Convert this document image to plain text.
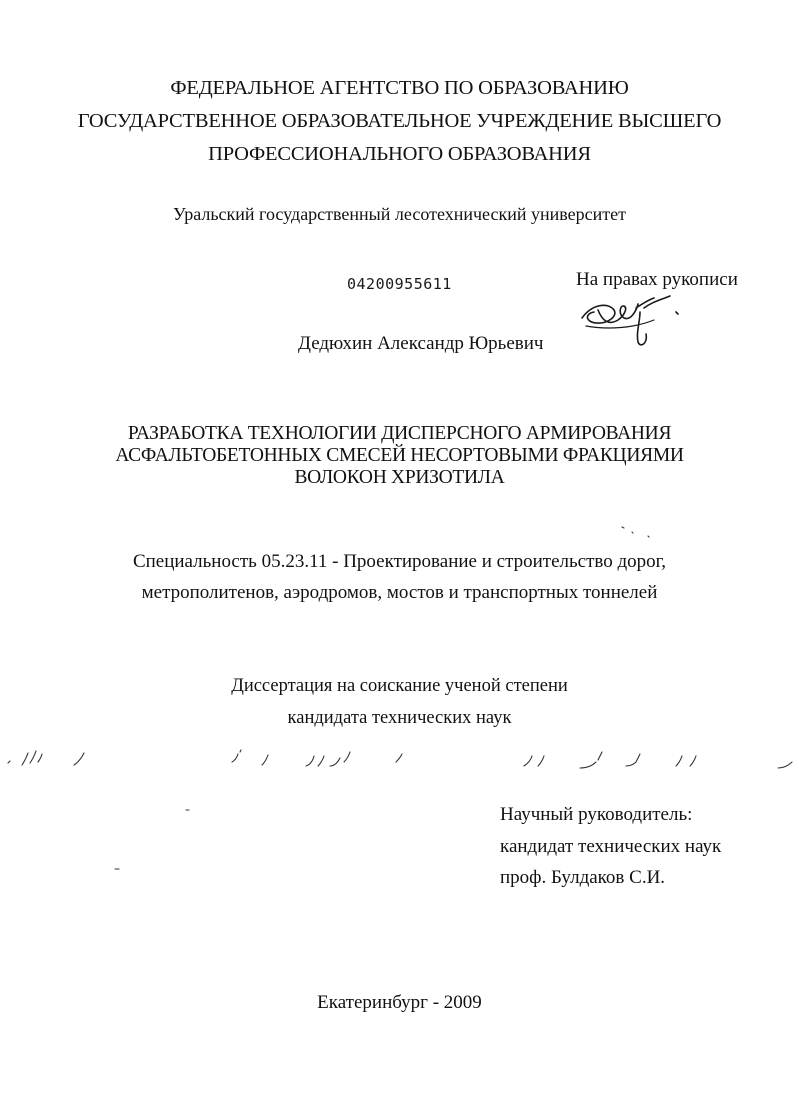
ФЕДЕРАЛЬНОЕ АГЕНТСТВО ПО ОБРАЗОВАНИЮ
ГОСУДАРСТВЕННОЕ ОБРАЗОВАТЕЛЬНОЕ УЧРЕЖДЕНИЕ ВЫСШЕГО
ПРОФЕССИОНАЛЬНОГО ОБРАЗОВАНИЯ
Уральский государственный лесотехнический университет
04200955611	На правах рукописи
Дедюхин Александр Юрьевич
РАЗРАБОТКА ТЕХНОЛОГИИ ДИСПЕРСНОГО АРМИРОВАНИЯ
АСФАЛЬТОБЕТОННЫХ СМЕСЕЙ НЕСОРТОВЫМИ ФРАКЦИЯМИ
ВОЛОКОН ХРИЗОТИЛА
Специальность 05.23.11 - Проектирование и строительство дорог,
метрополитенов, аэродромов, мостов и транспортных тоннелей
Диссертация на соискание ученой степени
кандидата технических наук
Научный руководитель:
кандидат технических наук
проф. Булдаков С.И.
Екатеринбург - 2009
